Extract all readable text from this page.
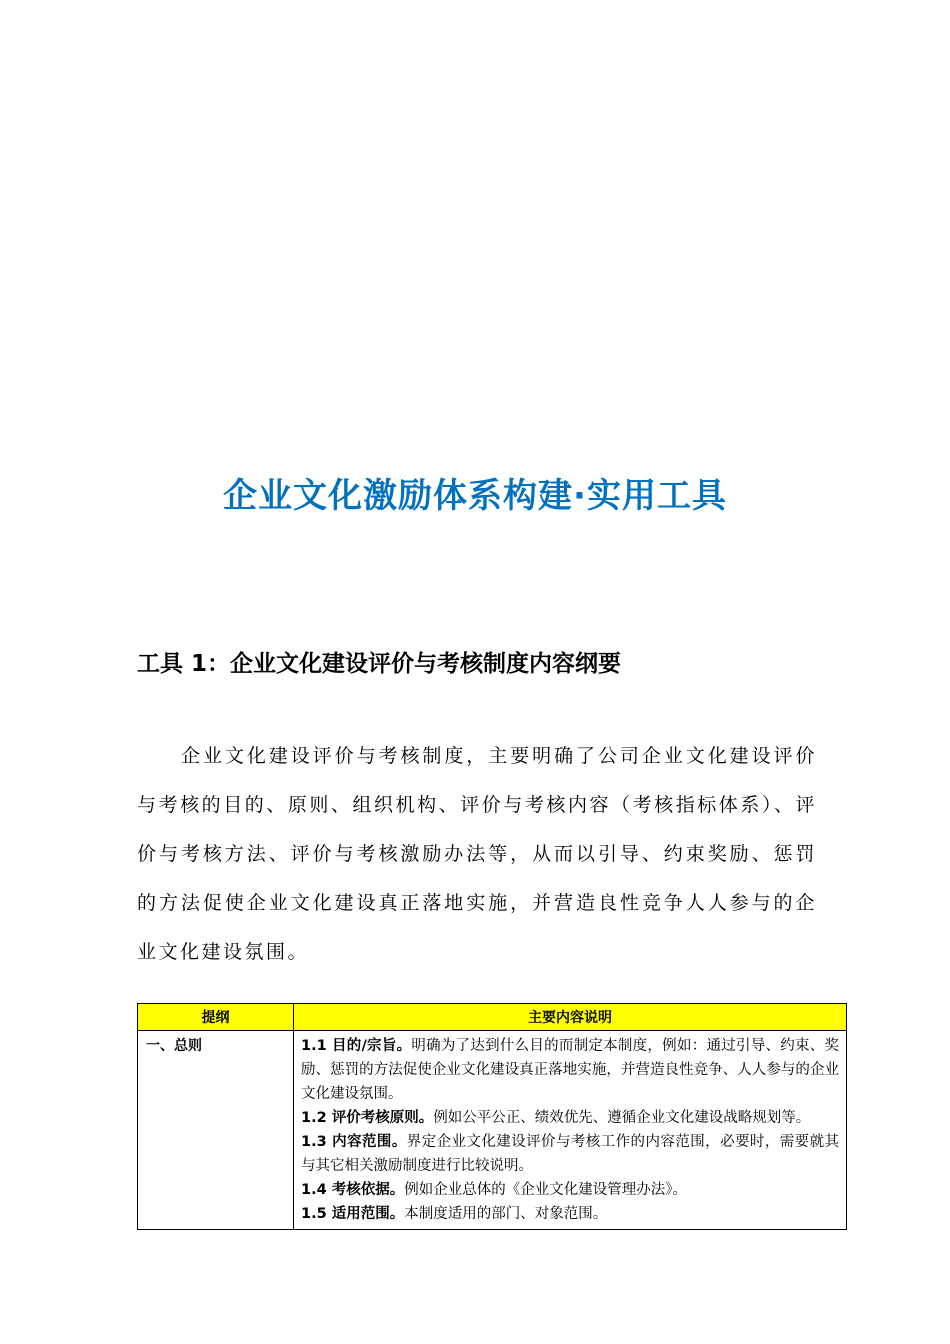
企业文化激励体系构建·实用工具
工具 1：企业文化建设评价与考核制度内容纲要

企业文化建设评价与考核制度，主要明确了公司企业文化建设评价与考核的目的、原则、组织机构、评价与考核内容（考核指标体系）、评价与考核方法、评价与考核激励办法等，从而以引导、约束奖励、惩罚的方法促使企业文化建设真正落地实施，并营造良性竞争人人参与的企业文化建设氛围。

提纲	主要内容说明
一、总则	1.1 目的/宗旨。明确为了达到什么目的而制定本制度，例如：通过引导、约束、奖励、惩罚的方法促使企业文化建设真正落地实施，并营造良性竞争、人人参与的企业文化建设氛围。

1.2 评价考核原则。例如公平公正、绩效优先、遵循企业文化建设战略规划等。

1.3 内容范围。界定企业文化建设评价与考核工作的内容范围，必要时，需要就其与其它相关激励制度进行比较说明。

1.4 考核依据。例如企业总体的《企业文化建设管理办法》。

1.5 适用范围。本制度适用的部门、对象范围。
